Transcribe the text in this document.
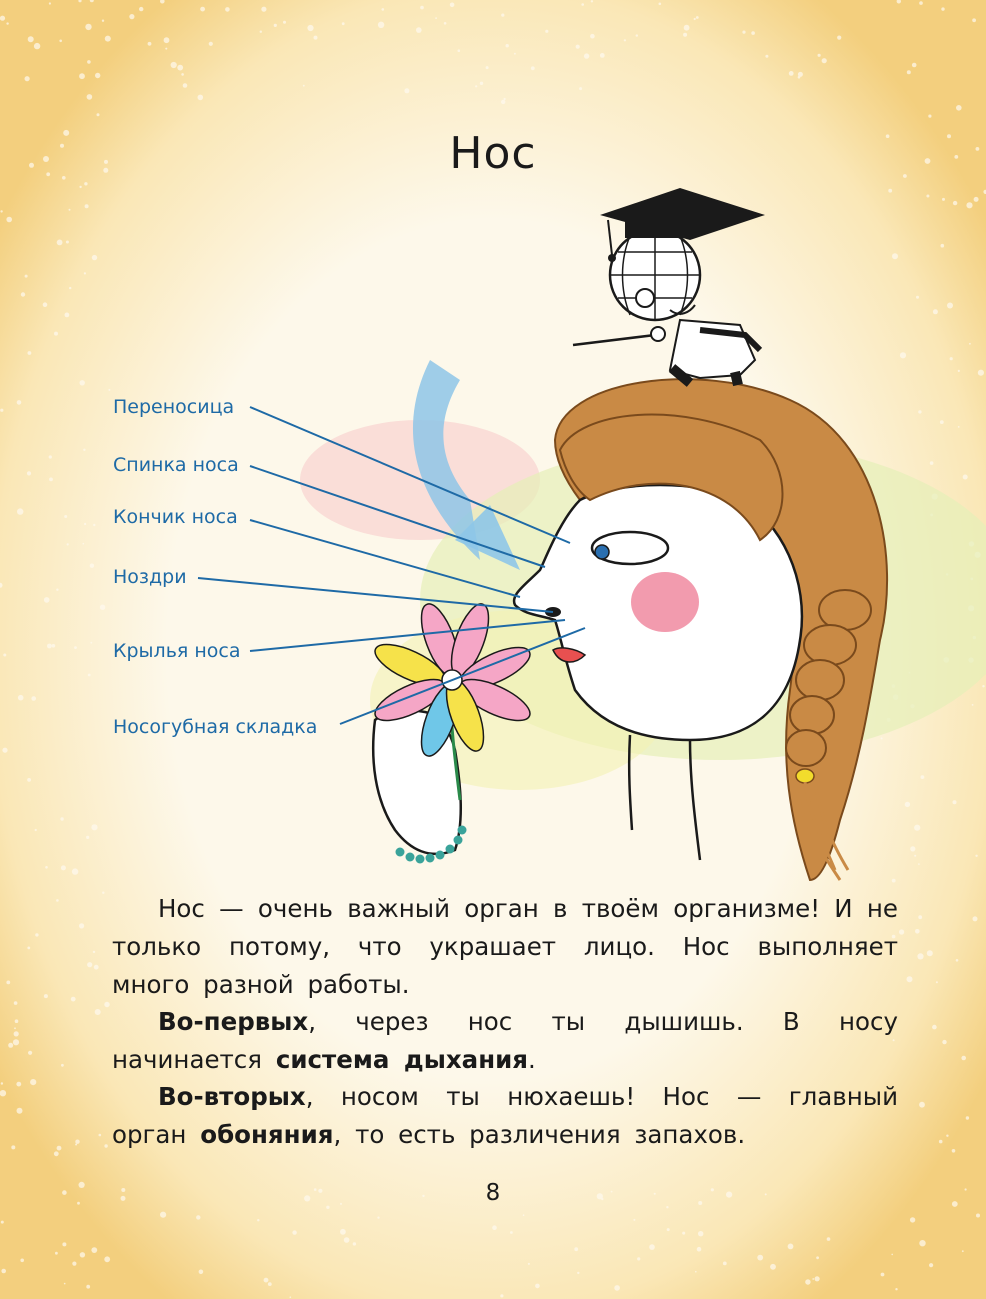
Нос
Переносица
Спинка носа
Кончик носа
Ноздри
Крылья носа
Носогубная складка

Нос — очень важный орган в твоём организме! И не только потому, что украшает лицо. Нос выполняет много разной работы.

Во-первых, через нос ты дышишь. В носу начинается система дыхания.

Во-вторых, носом ты нюхаешь! Нос — главный орган обоняния, то есть различения запахов.

8
